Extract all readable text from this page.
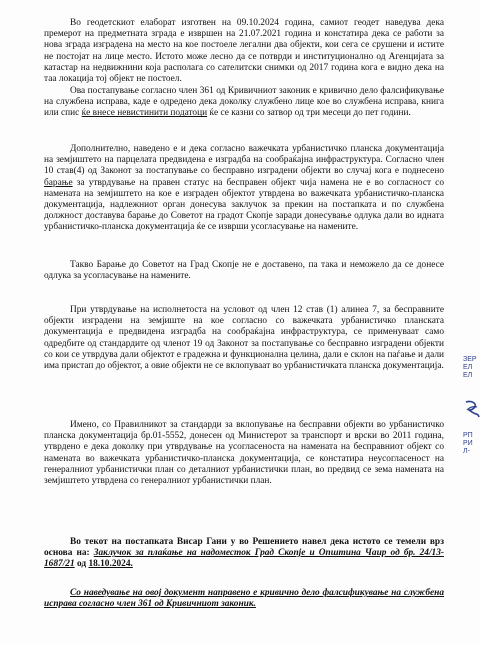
Во геодетскиот елаборат изготвен на 09.10.2024 година, самиот геодет наведува дека премерот на предметната зграда е извршен на 21.07.2021 година и констатира дека се работи за нова зграда изградена на место на кое постоеле легални два објекти, кои сега се срушени и истите не постојат на лице место. Истото може лесно да се потврди и институционално од Агенцијата за катастар на недвижнини која располага со сателитски снимки од 2017 година кога е видно дека на таа локација тој објект не постоел.
Ова постапување согласно член 361 од Кривичниот законик е кривично дело фалсификување на службена исправа, каде е одредено дека доколку службено лице кое во службена исправа, книга или спис ќе внесе невистинити податоци ќе се казни со затвор од три месеци до пет години.
Дополнително, наведено е и дека согласно важечката урбанистичко планска документација на земјиштето на парцелата предвидена е изградба на сообраќајна инфраструктура. Согласно член 10 став(4) од Законот за постапување со бесправно изградени објекти во случај кога е поднесено барање за утврдување на правен статус на бесправен објект чија намена не е во согласност со намената на земјиштето на кое е изграден објектот утврдена во важечката урбанистичко-планска документација, надлежниот орган донесува заклучок за прекин на постапката и по службена должност доставува барање до Советот на градот Скопје заради донесување одлука дали во идната урбанистичко-планска документација ќе се изврши усогласување на намените.
Такво Барање до Советот на Град Скопје не е доставено, па така и неможело да се донесе одлука за усогласување на намените.
При утврдување на исполнетоста на условот од член 12 став (1) алинеа 7, за бесправните објекти изградени на земјиште на кое согласно со важечката урбанистичко планската документација е предвидена изградба на сообраќајна инфраструктура, се применуваат само одредбите од стандардите од членот 19 од Законот за постапување со бесправно изградени објекти со кои се утврдува дали објектот е градежна и функционална целина, дали е склон на паѓање и дали има пристап до објектот, а овие објекти не се вклопуваат во урбанистичката планска документација.
Имено, со Правилникот за стандарди за вклопување на бесправни објекти во урбанистичко планска документација бр.01-5552, донесен од Министерот за транспорт и врски во 2011 година, утврдено е дека доколку при утврдување на усогласеноста на намената на бесправниот објект со намената во важечката урбанистичко-планска документација, се констатира неусогласеност на генералниот урбанистички план со деталниот урбанистички план, во предвид се зема намената на земјиштето утврдена со генералниот урбанистички план.
Во текот на постапката Висар Гани у во Решението навел дека истото се темели врз основа на: Заклучок за плаќање на надоместок Град Скопје и Општина Чаир од бр. 24/13-1687/21 од 18.10.2024.
Со наведување на овој документ направено е кривично дело фалсификување на службена исправа согласно член 361 од Кривичниот законик.
ЗЕР
ЕЛ
ЕЛ
РП
РИ
Л-
